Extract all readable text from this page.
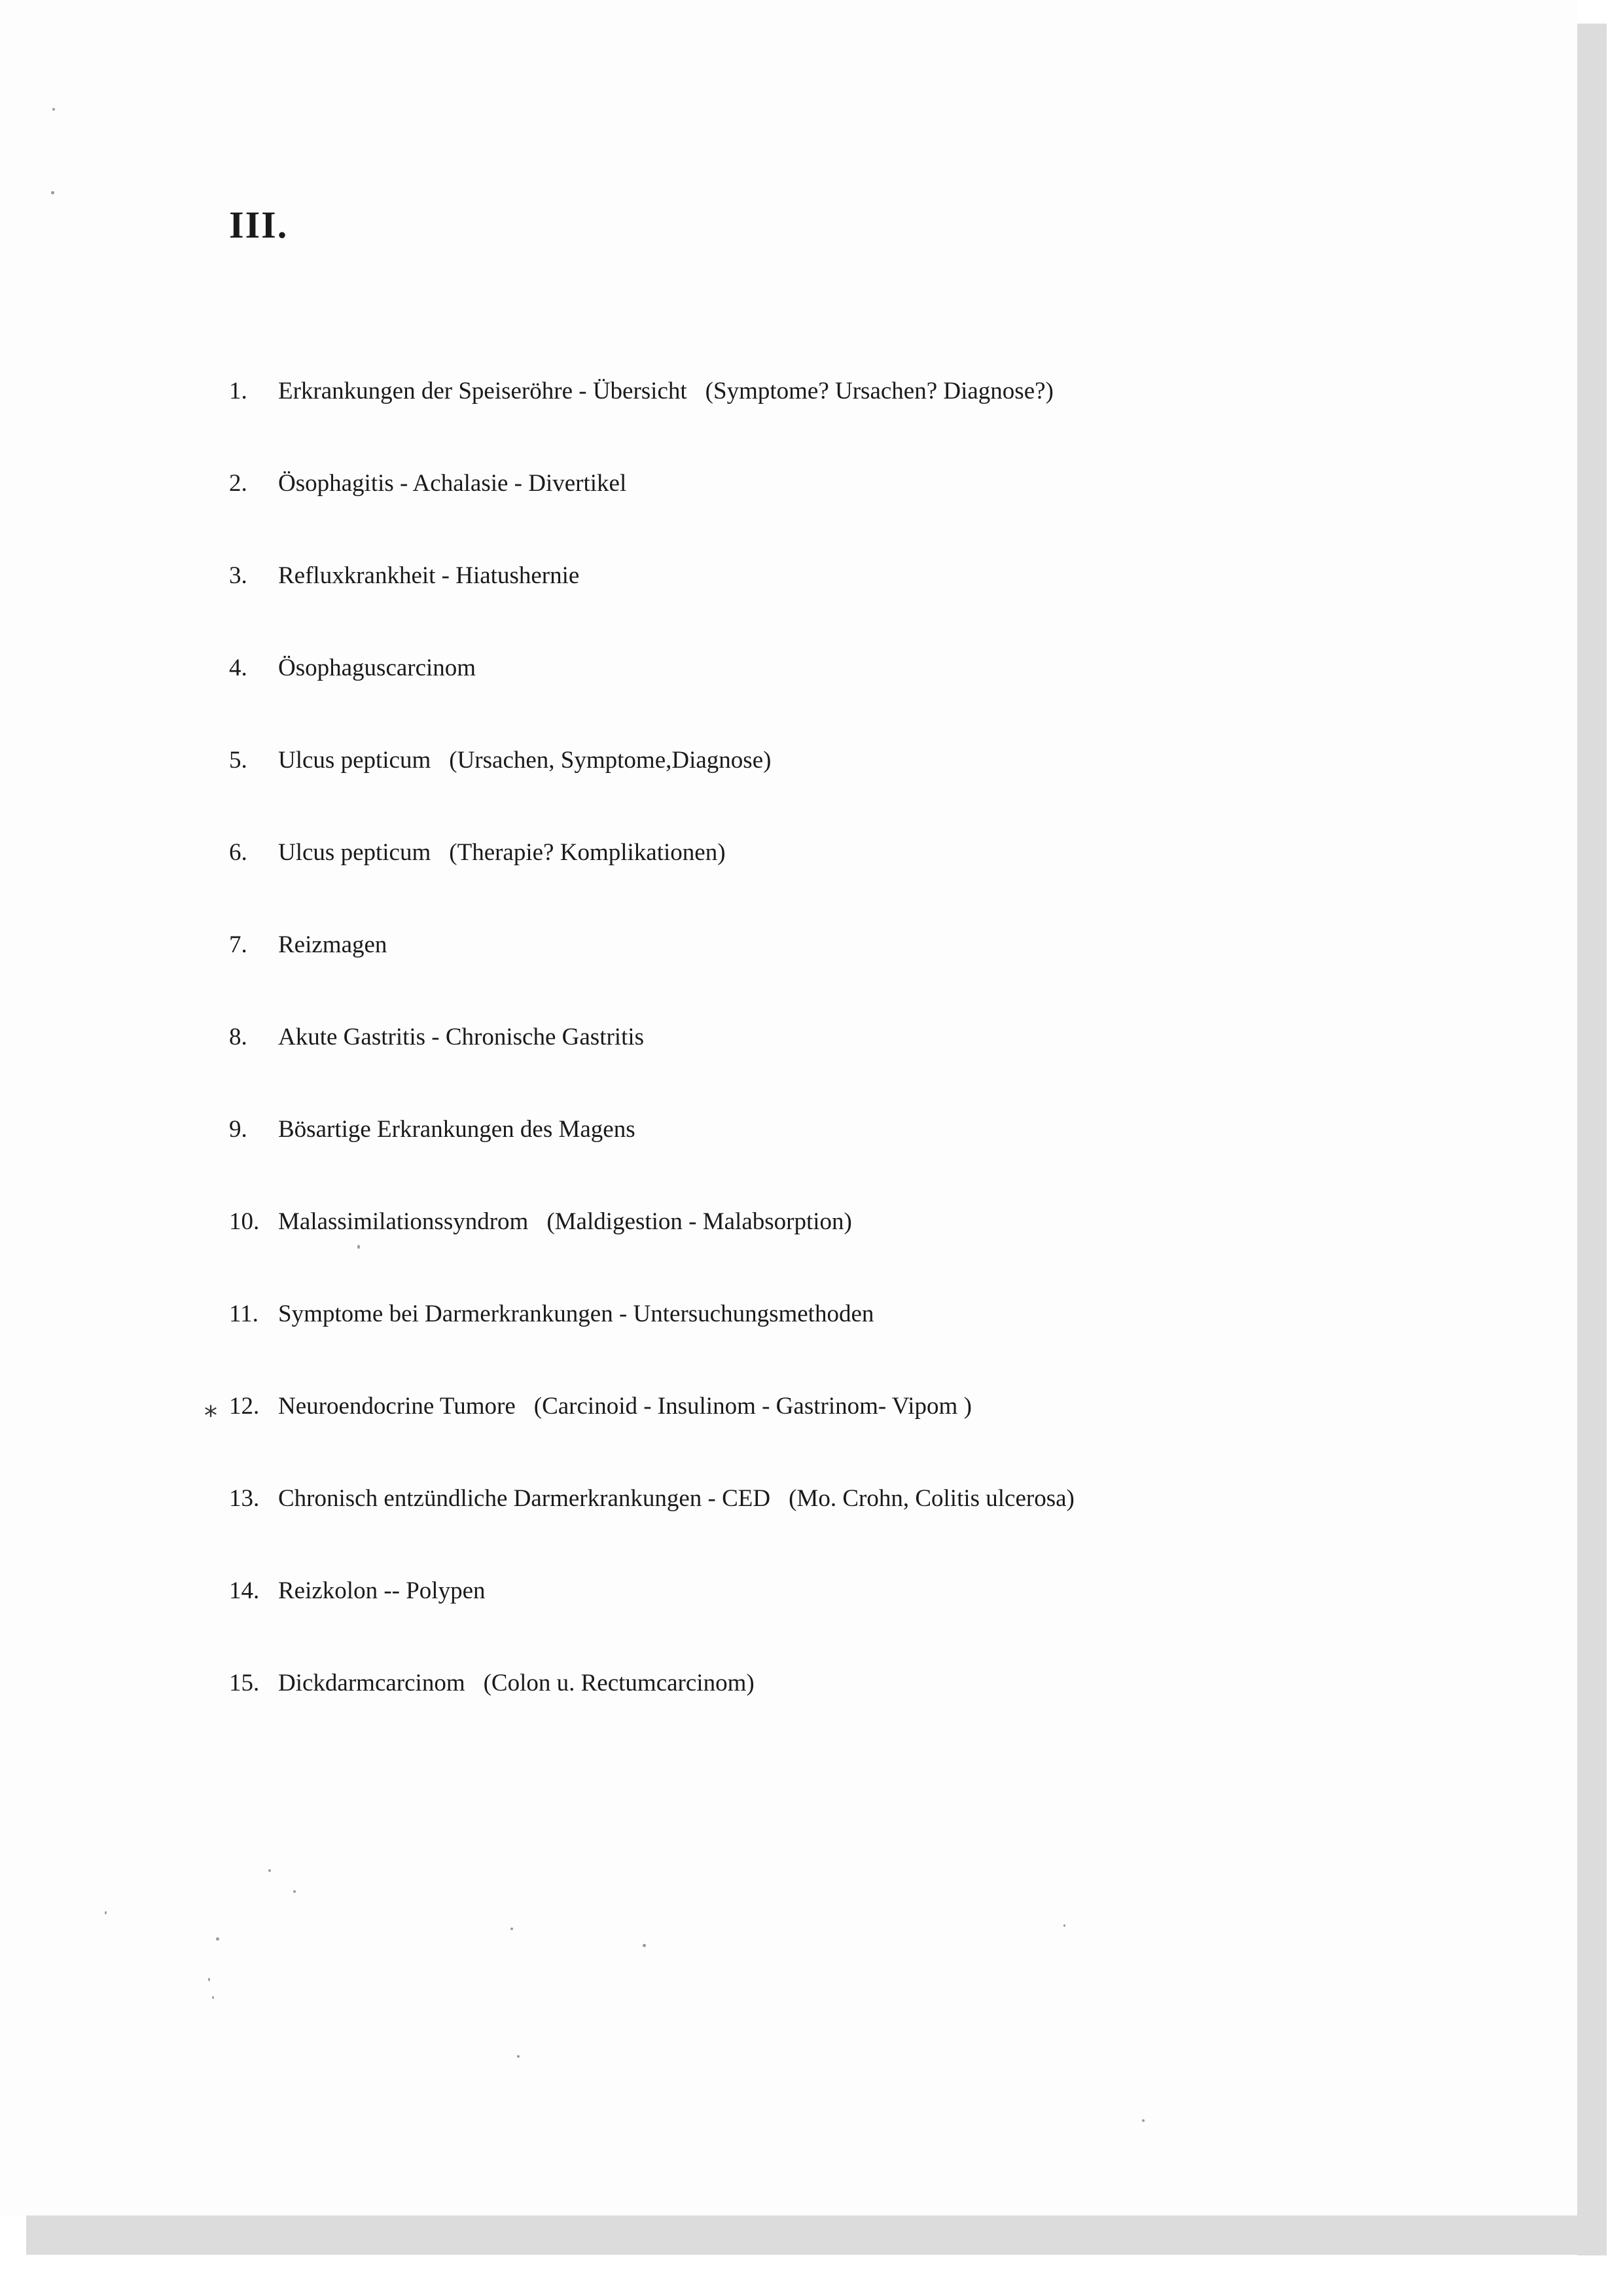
III.
1.	Erkrankungen der Speiseröhre - Übersicht (Symptome? Ursachen? Diagnose?)
2.	Ösophagitis - Achalasie - Divertikel
3.	Refluxkrankheit - Hiatushernie
4.	Ösophaguscarcinom
5.	Ulcus pepticum (Ursachen, Symptome,Diagnose)
6.	Ulcus pepticum (Therapie? Komplikationen)
7.	Reizmagen
8.	Akute Gastritis - Chronische Gastritis
9.	Bösartige Erkrankungen des Magens
10. Malassimilationssyndrom (Maldigestion - Malabsorption)
11. Symptome bei Darmerkrankungen - Untersuchungsmethoden
12. Neuroendocrine Tumore (Carcinoid - Insulinom - Gastrinom- Vipom )
13. Chronisch entzündliche Darmerkrankungen - CED (Mo. Crohn, Colitis ulcerosa)
14. Reizkolon -- Polypen
15. Dickdarmcarcinom (Colon u. Rectumcarcinom)
⁎
